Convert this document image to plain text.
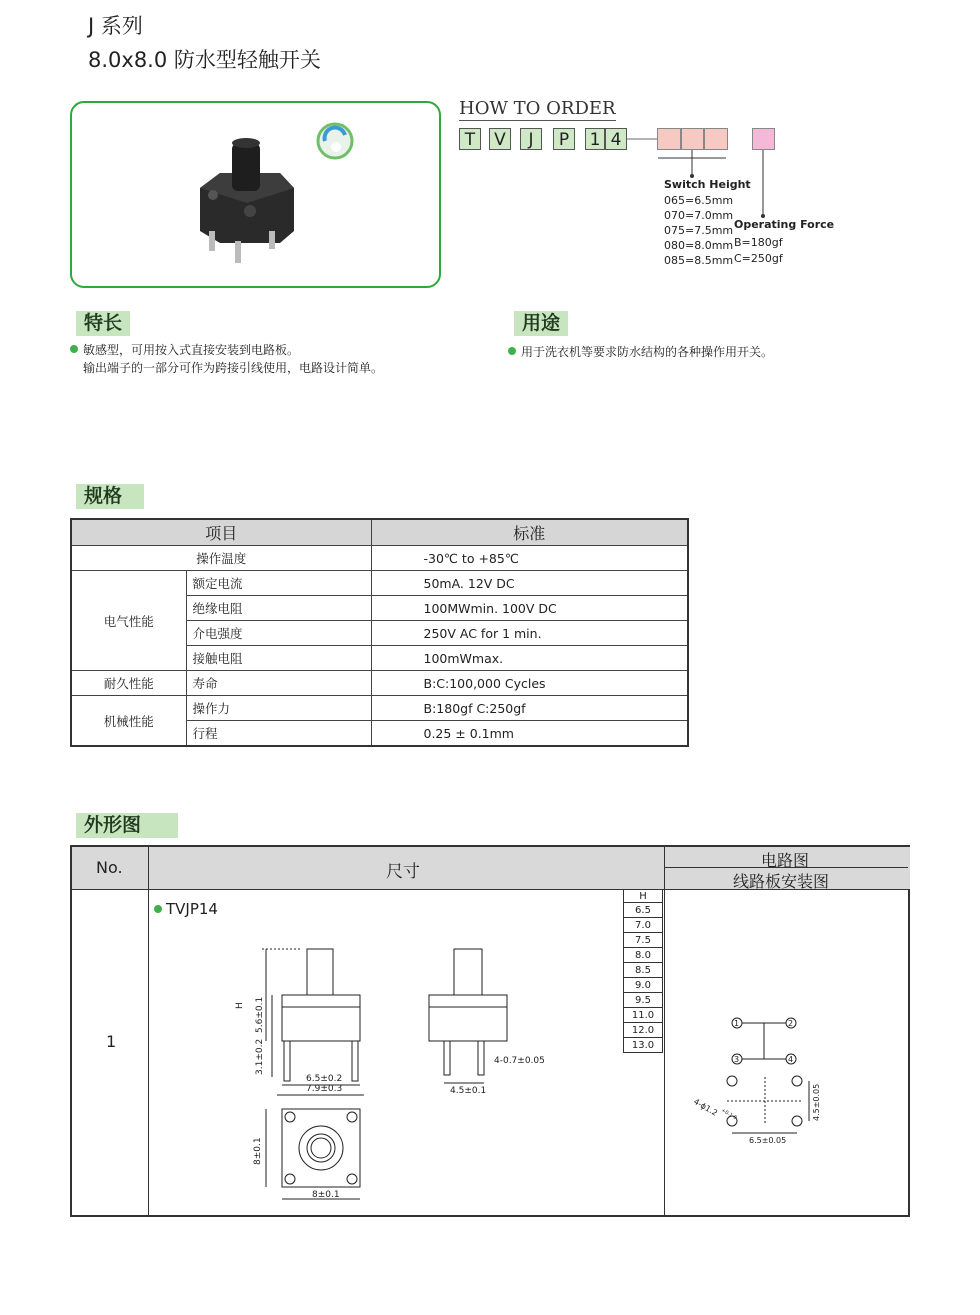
J 系列
8.0x8.0 防水型轻触开关
HOW TO ORDER
T	V	J	P	1 4
Switch Height
065=6.5mm
070=7.0mm
075=7.5mm
080=8.0mm
085=8.5mm
Operating Force
B=180gf
C=250gf
特长
敏感型，可用按入式直接安装到电路板。
输出端子的一部分可作为跨接引线使用，电路设计简单。
用途
用于洗衣机等要求防水结构的各种操作用开关。
规格
项目		标准
操作温度		-30℃ to +85℃
电气性能	额定电流	50mA. 12V DC
	绝缘电阻	100MWmin. 100V DC
	介电强度	250V AC for 1 min.
	接触电阻	100mWmax.
耐久性能	寿命	B:C:100,000 Cycles
机械性能	操作力	B:180gf C:250gf
	行程	0.25 ± 0.1mm
外形图
No.	尺寸
电路图
线路板安装图
1
TVJP14
H
6.5
7.0
7.5
8.0
8.5
9.0
9.5
11.0
12.0
13.0
H 5.6±0.1
3.1±0.2
6.5±0.2
7.9±0.3
4-0.7±0.05
4.5±0.1
8±0.1
8±0.1
1	2
3	4
4-ϕ1.2 +0.1 0
6.5±0.05
4.5±0.05
